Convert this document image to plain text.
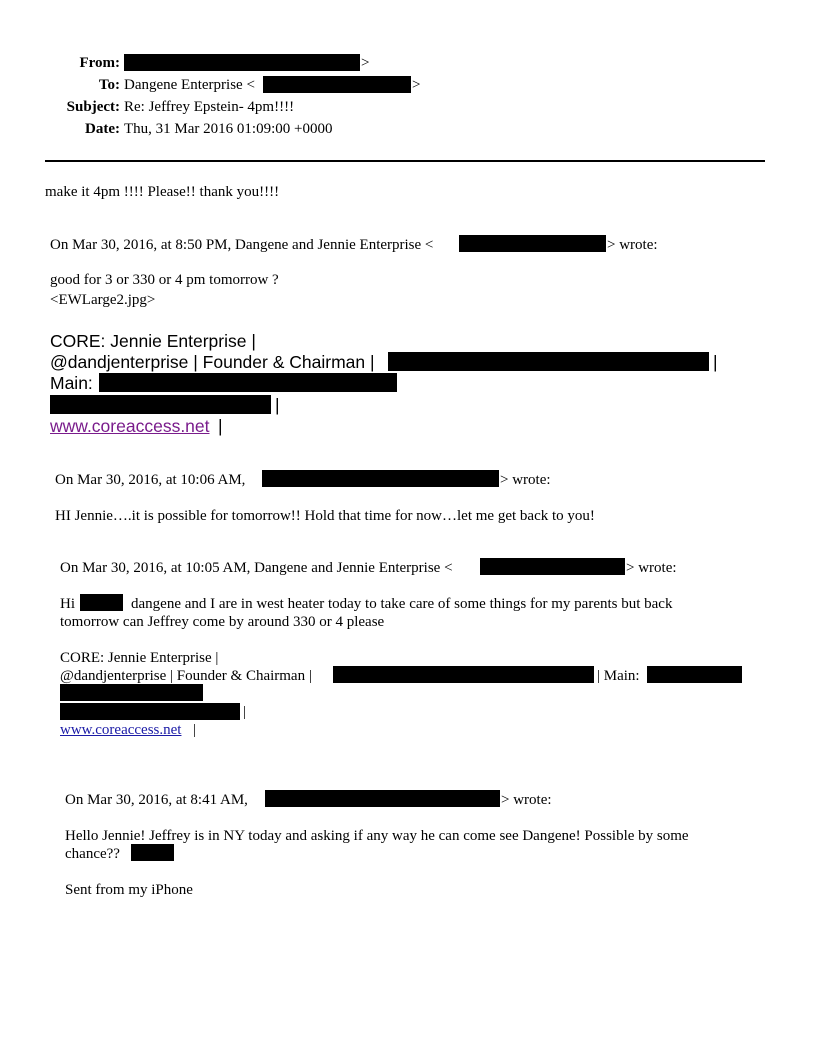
From:	>
To: Dangene Enterprise <	>
Subject: Re: Jeffrey Epstein- 4pm!!!!
Date: Thu, 31 Mar 2016 01:09:00 +0000
make it 4pm !!!! Please!! thank you!!!!
On Mar 30, 2016, at 8:50 PM, Dangene and Jennie Enterprise <	> wrote:
good for 3 or 330 or 4 pm tomorrow ?
<EWLarge2.jpg>
CORE: Jennie Enterprise |
@dandjenterprise | Founder & Chairman |	|
Main:
|
www.coreaccess.net |
On Mar 30, 2016, at 10:06 AM,	> wrote:
HI Jennie….it is possible for tomorrow!! Hold that time for now…let me get back to you!
On Mar 30, 2016, at 10:05 AM, Dangene and Jennie Enterprise <	> wrote:
Hi	dangene and I are in west heater today to take care of some things for my parents but back
tomorrow can Jeffrey come by around 330 or 4 please
CORE: Jennie Enterprise |
@dandjenterprise | Founder & Chairman |	| Main:
|
www.coreaccess.net |
On Mar 30, 2016, at 8:41 AM,	> wrote:
Hello Jennie! Jeffrey is in NY today and asking if any way he can come see Dangene! Possible by some
chance??
Sent from my iPhone
